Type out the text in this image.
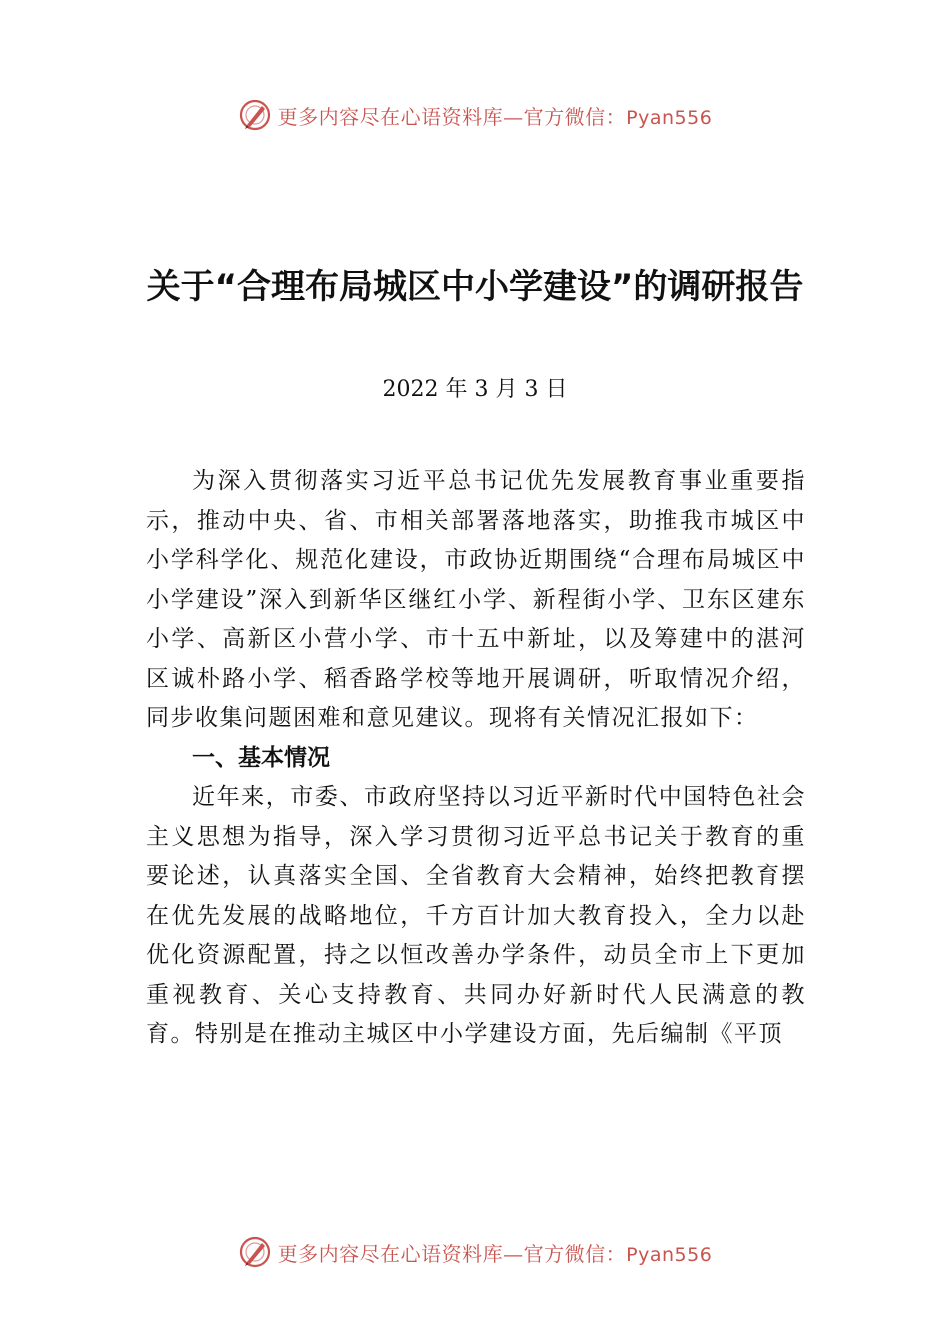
更多内容尽在心语资料库—官方微信：Pyan556
关于“合理布局城区中小学建设”的调研报告
2022 年 3 月 3 日

为深入贯彻落实习近平总书记优先发展教育事业重要指示，推动中央、省、市相关部署落地落实，助推我市城区中小学科学化、规范化建设，市政协近期围绕“合理布局城区中小学建设”深入到新华区继红小学、新程街小学、卫东区建东小学、高新区小营小学、市十五中新址，以及筹建中的湛河区诚朴路小学、稻香路学校等地开展调研，听取情况介绍，同步收集问题困难和意见建议。现将有关情况汇报如下：

一、基本情况

近年来，市委、市政府坚持以习近平新时代中国特色社会主义思想为指导，深入学习贯彻习近平总书记关于教育的重要论述，认真落实全国、全省教育大会精神，始终把教育摆在优先发展的战略地位，千方百计加大教育投入，全力以赴优化资源配置，持之以恒改善办学条件，动员全市上下更加重视教育、关心支持教育、共同办好新时代人民满意的教育。特别是在推动主城区中小学建设方面，先后编制《平顶

更多内容尽在心语资料库—官方微信：Pyan556
